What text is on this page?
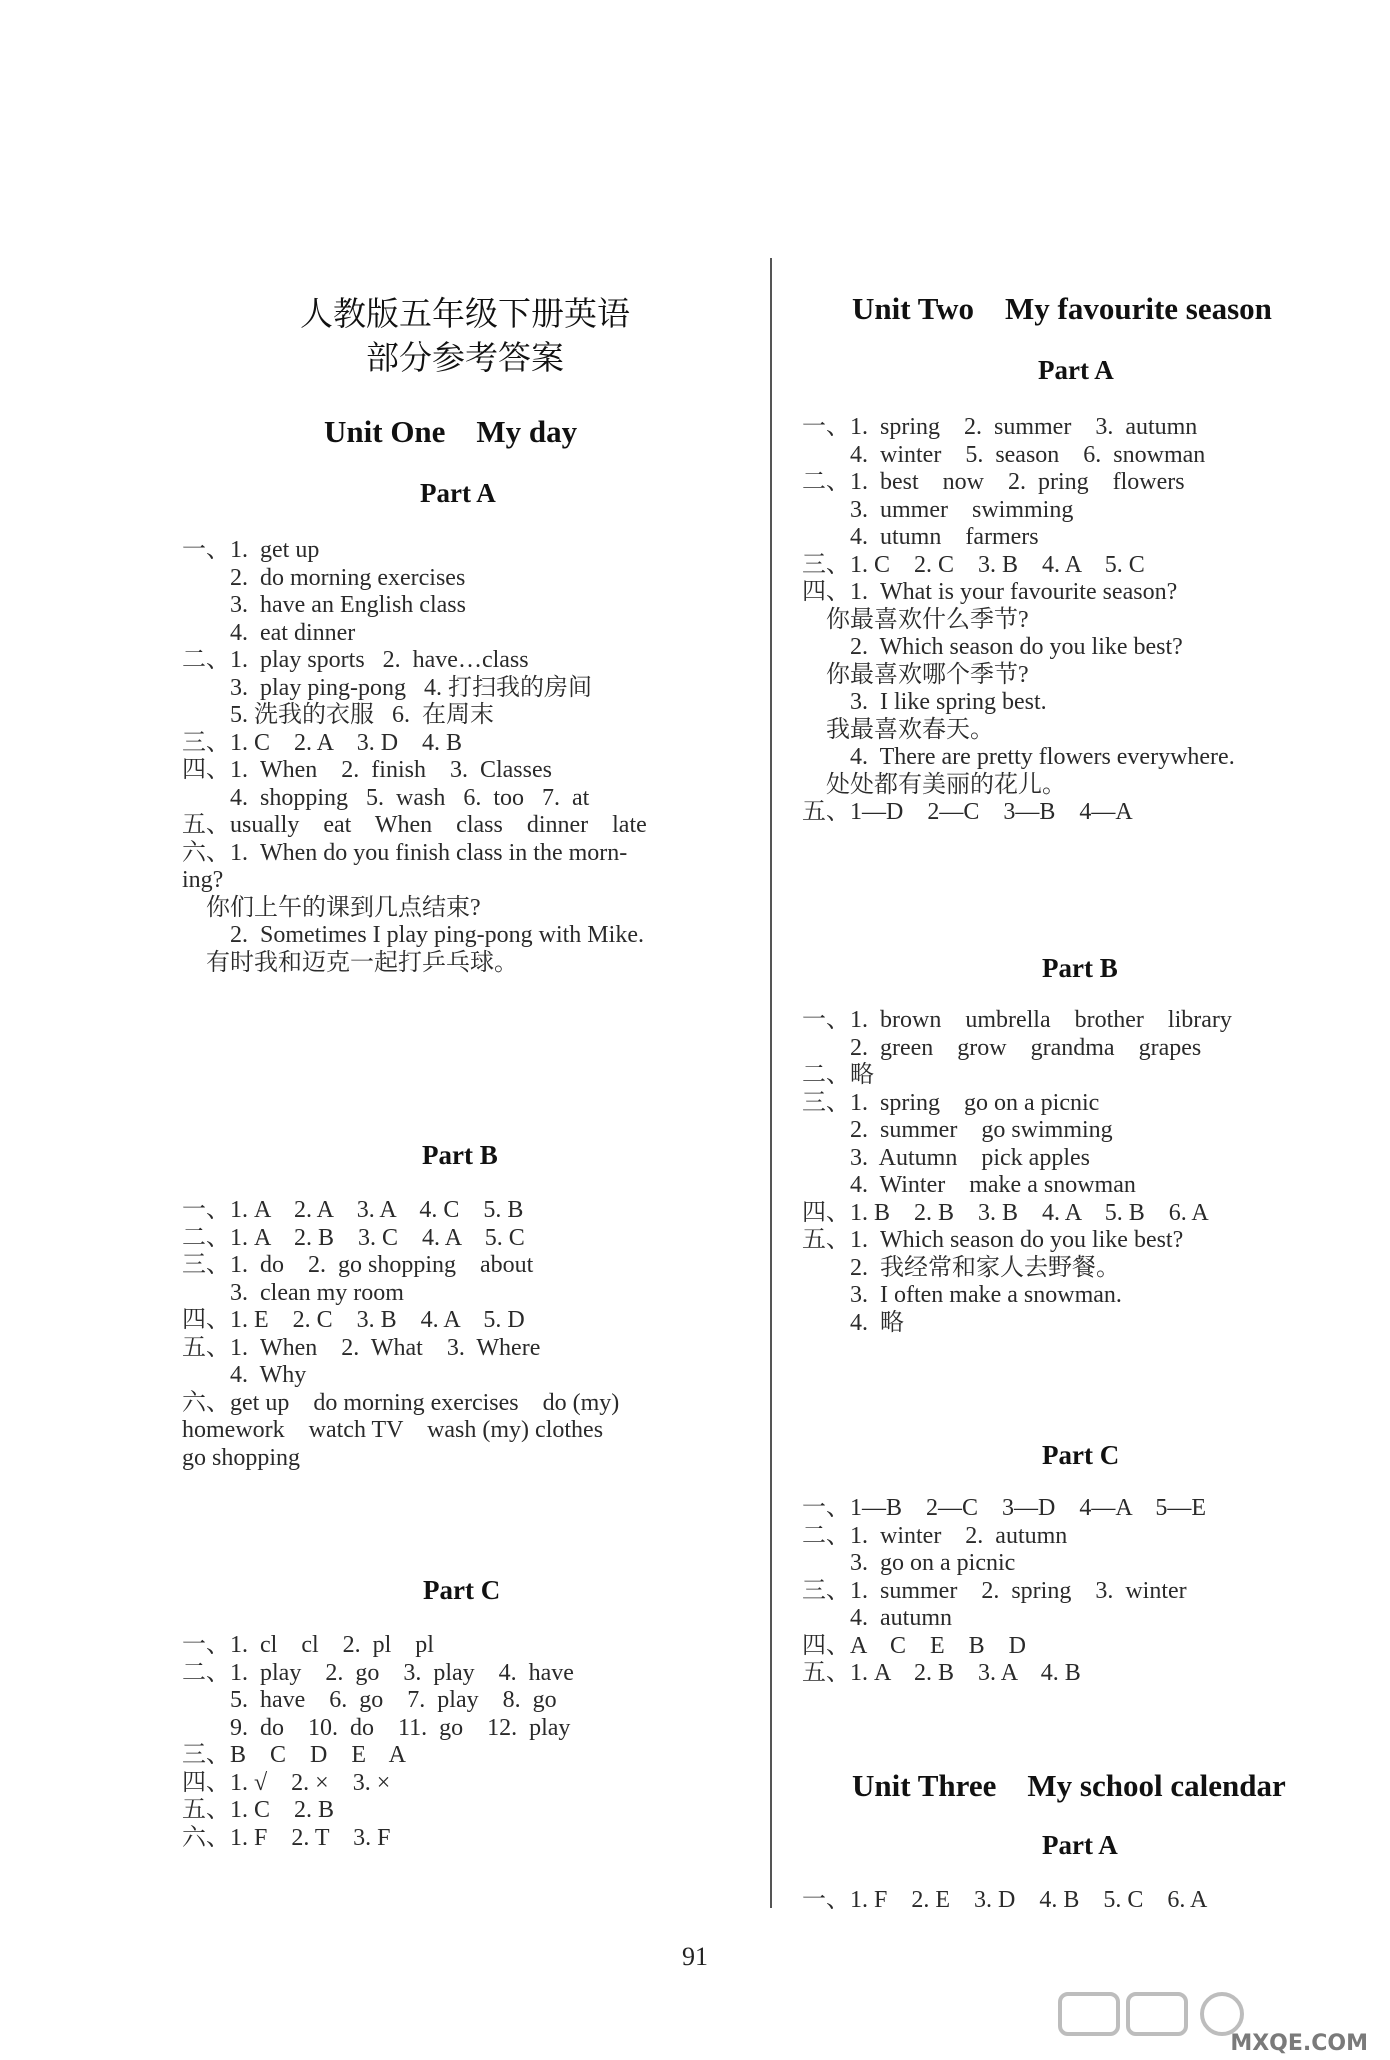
人教版五年级下册英语
部分参考答案
Unit One    My day
Part A
一、1.  get up
2.  do morning exercises
3.  have an English class
4.  eat dinner
二、1.  play sports   2.  have…class
3.  play ping-pong   4. 打扫我的房间
5. 洗我的衣服   6.  在周末
三、1. C    2. A    3. D    4. B
四、1.  When    2.  finish    3.  Classes
4.  shopping   5.  wash   6.  too   7.  at
五、usually    eat    When    class    dinner    late
六、1.  When do you finish class in the morn-
ing?
你们上午的课到几点结束?
2.  Sometimes I play ping-pong with Mike.
有时我和迈克一起打乒乓球。
Part B
一、1. A    2. A    3. A    4. C    5. B
二、1. A    2. B    3. C    4. A    5. C
三、1.  do    2.  go shopping    about
3.  clean my room
四、1. E    2. C    3. B    4. A    5. D
五、1.  When    2.  What    3.  Where
4.  Why
六、get up    do morning exercises    do (my)
homework    watch TV    wash (my) clothes
go shopping
Part C
一、1.  cl    cl    2.  pl    pl
二、1.  play    2.  go    3.  play    4.  have
5.  have    6.  go    7.  play    8.  go
9.  do    10.  do    11.  go    12.  play
三、B    C    D    E    A
四、1. √    2. ×    3. ×
五、1. C    2. B
六、1. F    2. T    3. F
Unit Two    My favourite season
Part A
一、1.  spring    2.  summer    3.  autumn
4.  winter    5.  season    6.  snowman
二、1.  best    now    2.  pring    flowers
3.  ummer    swimming
4.  utumn    farmers
三、1. C    2. C    3. B    4. A    5. C
四、1.  What is your favourite season?
你最喜欢什么季节?
2.  Which season do you like best?
你最喜欢哪个季节?
3.  I like spring best.
我最喜欢春天。
4.  There are pretty flowers everywhere.
处处都有美丽的花儿。
五、1—D    2—C    3—B    4—A
Part B
一、1.  brown    umbrella    brother    library
2.  green    grow    grandma    grapes
二、略
三、1.  spring    go on a picnic
2.  summer    go swimming
3.  Autumn    pick apples
4.  Winter    make a snowman
四、1. B    2. B    3. B    4. A    5. B    6. A
五、1.  Which season do you like best?
2.  我经常和家人去野餐。
3.  I often make a snowman.
4.  略
Part C
一、1—B    2—C    3—D    4—A    5—E
二、1.  winter    2.  autumn
3.  go on a picnic
三、1.  summer    2.  spring    3.  winter
4.  autumn
四、A    C    E    B    D
五、1. A    2. B    3. A    4. B
Unit Three    My school calendar
Part A
一、1. F    2. E    3. D    4. B    5. C    6. A
91
MXQE.COM
